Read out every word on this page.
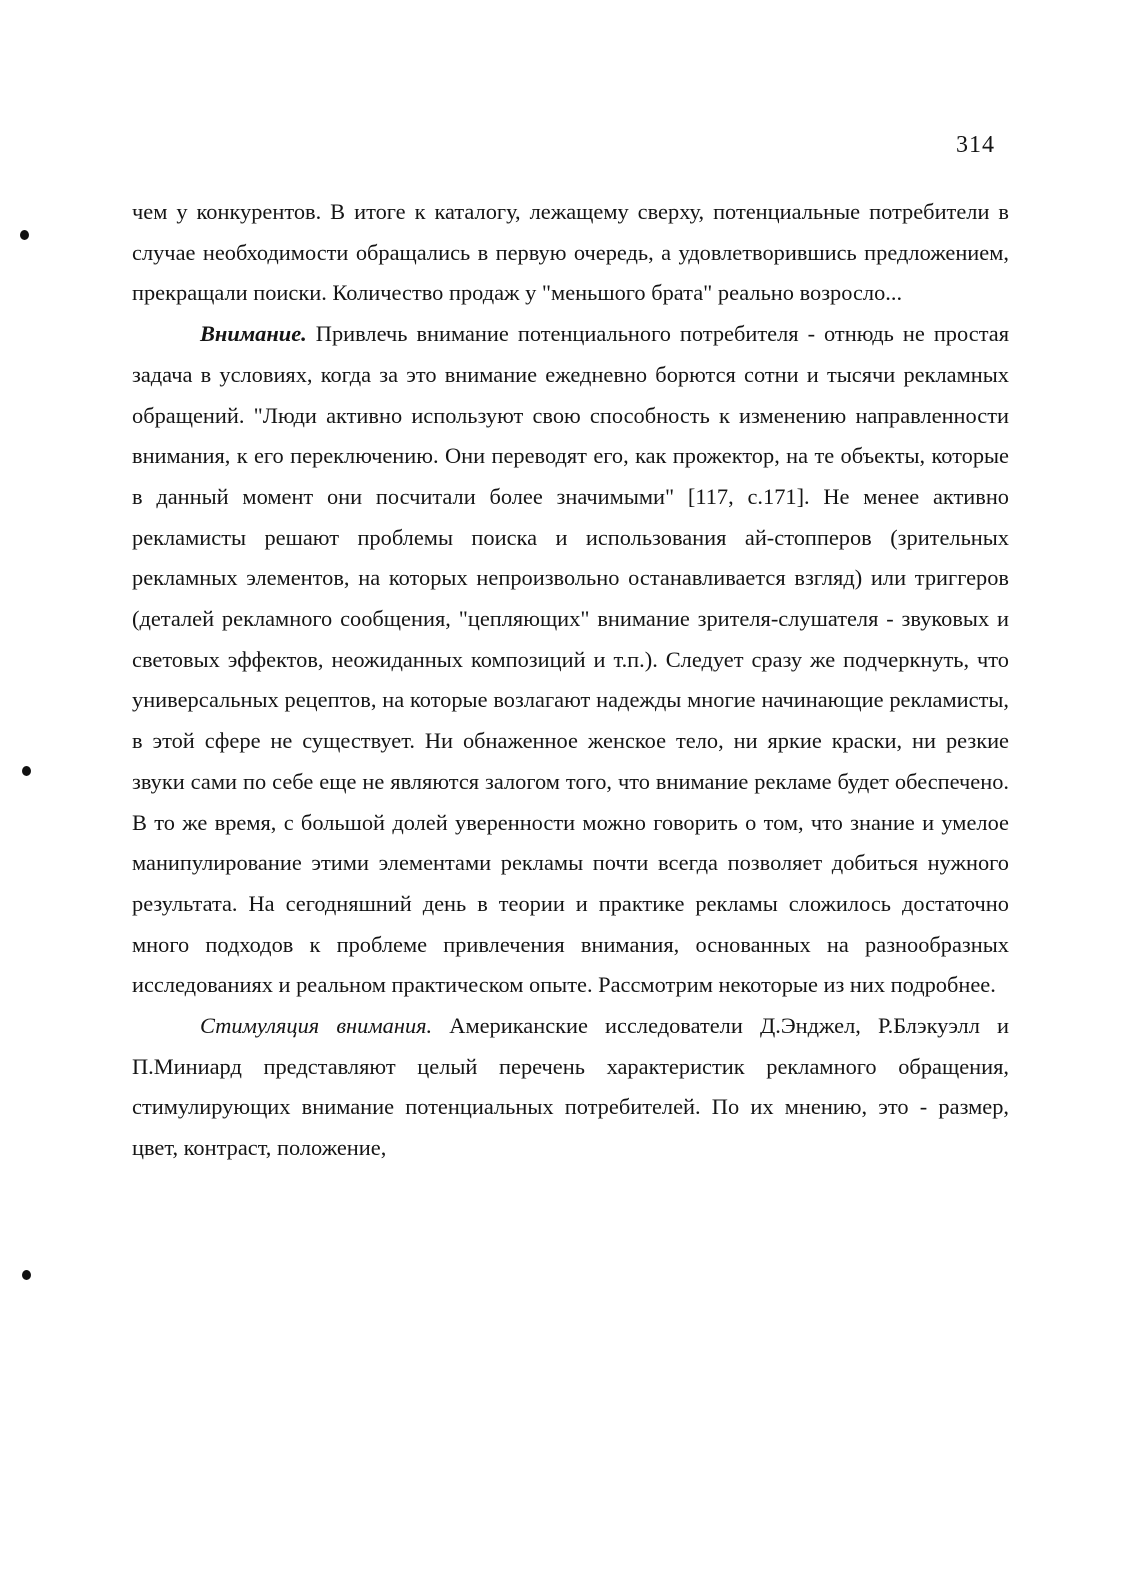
314

чем у конкурентов. В итоге к каталогу, лежащему сверху, потенциальные потребители в случае необходимости обращались в первую очередь, а удовлетворившись предложением, прекращали поиски. Количество продаж у "меньшого брата" реально возросло...

Внимание. Привлечь внимание потенциального потребителя - отнюдь не простая задача в условиях, когда за это внимание ежедневно борются сотни и тысячи рекламных обращений. "Люди активно используют свою способность к изменению направленности внимания, к его переключению. Они переводят его, как прожектор, на те объекты, которые в данный момент они посчитали более значимыми" [117, с.171]. Не менее активно рекламисты решают проблемы поиска и использования ай-стопперов (зрительных рекламных элементов, на которых непроизвольно останавливается взгляд) или триггеров (деталей рекламного сообщения, "цепляющих" внимание зрителя-слушателя - звуковых и световых эффектов, неожиданных композиций и т.п.). Следует сразу же подчеркнуть, что универсальных рецептов, на которые возлагают надежды многие начинающие рекламисты, в этой сфере не существует. Ни обнаженное женское тело, ни яркие краски, ни резкие звуки сами по себе еще не являются залогом того, что внимание рекламе будет обеспечено. В то же время, с большой долей уверенности можно говорить о том, что знание и умелое манипулирование этими элементами рекламы почти всегда позволяет добиться нужного результата. На сегодняшний день в теории и практике рекламы сложилось достаточно много подходов к проблеме привлечения внимания, основанных на разнообразных исследованиях и реальном практическом опыте. Рассмотрим некоторые из них подробнее.

Стимуляция внимания. Американские исследователи Д.Энджел, Р.Блэкуэлл и П.Миниард представляют целый перечень характеристик рекламного обращения, стимулирующих внимание потенциальных потребителей. По их мнению, это - размер, цвет, контраст, положение,
